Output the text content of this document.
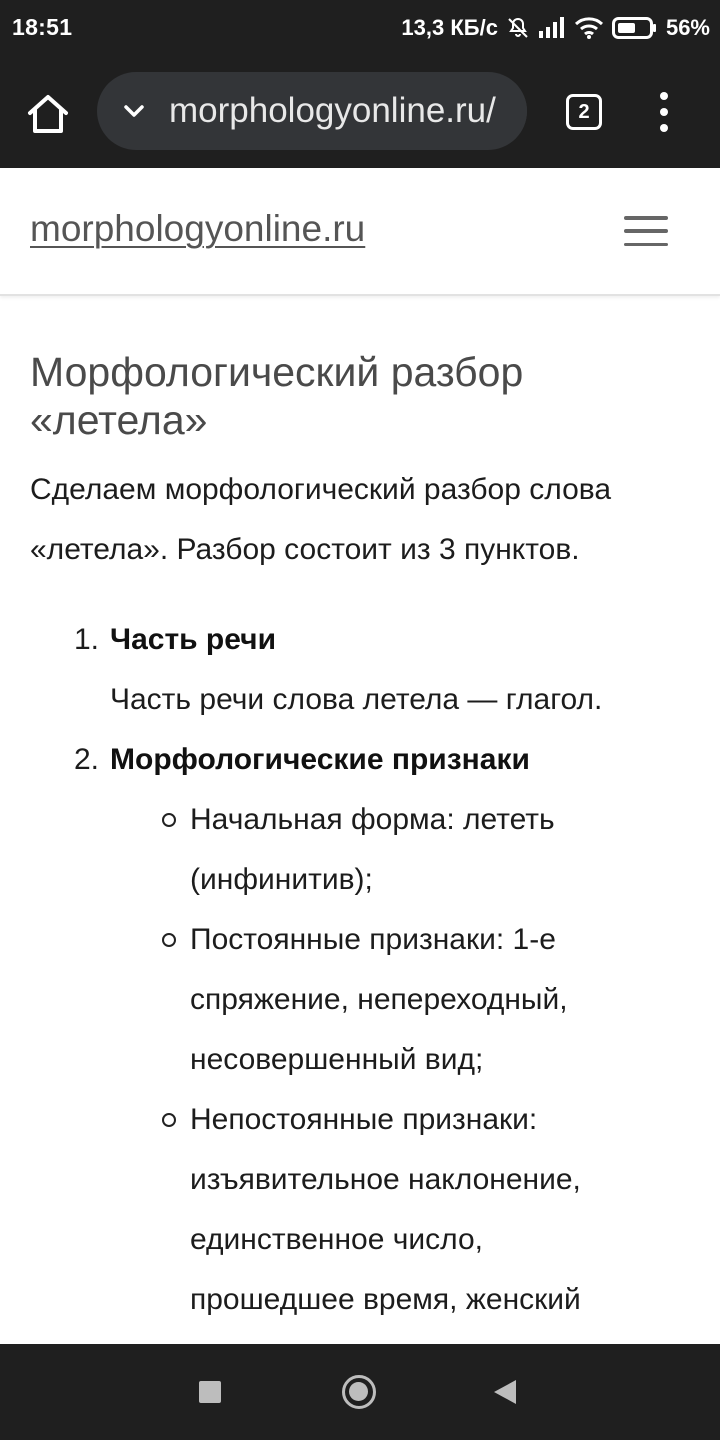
18:51	13,3 КБ/с	56%
morphologyonline.ru/	2
morphologyonline.ru
Морфологический разбор «летела»

Сделаем морфологический разбор слова «летела». Разбор состоит из 3 пунктов.

1. Часть речи
Часть речи слова летела — глагол.
2. Морфологические признаки
Начальная форма: лететь (инфинитив);
Постоянные признаки: 1-е спряжение, непереходный, несовершенный вид;
Непостоянные признаки: изъявительное наклонение, единственное число, прошедшее время, женский
